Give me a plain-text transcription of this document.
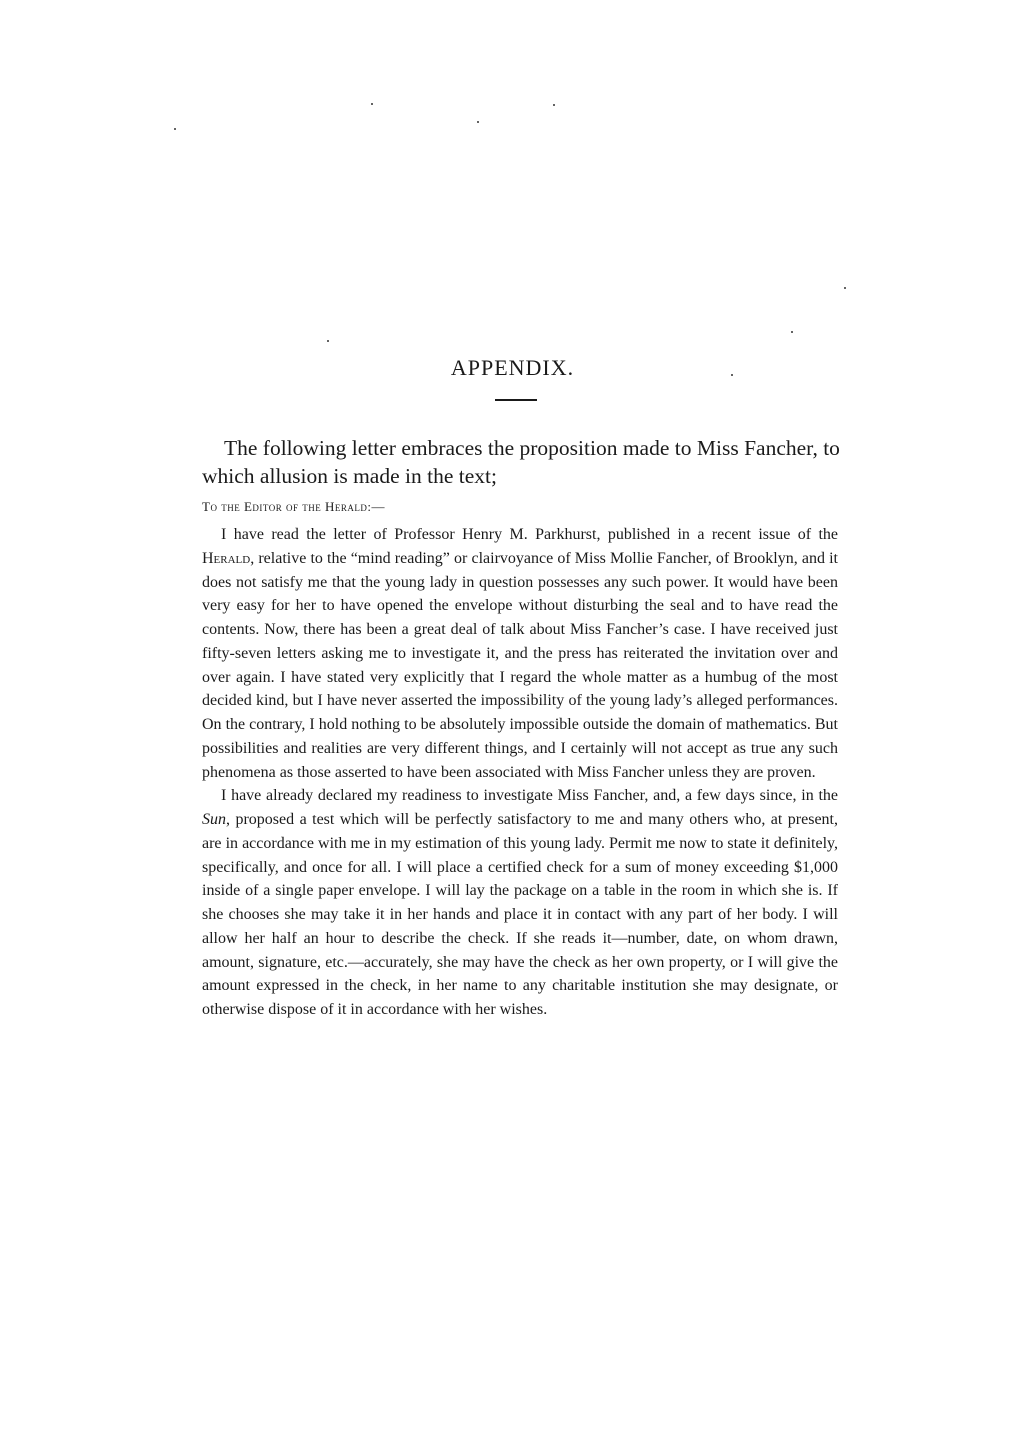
APPENDIX.

The following letter embraces the proposition made to Miss Fancher, to which allusion is made in the text;

To the Editor of the Herald:—

I have read the letter of Professor Henry M. Parkhurst, published in a recent issue of the Herald, relative to the “mind reading” or clairvoyance of Miss Mollie Fancher, of Brooklyn, and it does not satisfy me that the young lady in question possesses any such power. It would have been very easy for her to have opened the envelope without disturbing the seal and to have read the contents. Now, there has been a great deal of talk about Miss Fancher’s case. I have received just fifty-seven letters asking me to investigate it, and the press has reiterated the invitation over and over again. I have stated very explicitly that I regard the whole matter as a humbug of the most decided kind, but I have never asserted the impossibility of the young lady’s alleged performances. On the contrary, I hold nothing to be absolutely impossible outside the domain of mathematics. But possibilities and realities are very different things, and I certainly will not accept as true any such phenomena as those asserted to have been associated with Miss Fancher unless they are proven.

I have already declared my readiness to investigate Miss Fancher, and, a few days since, in the Sun, proposed a test which will be perfectly satisfactory to me and many others who, at present, are in accordance with me in my estimation of this young lady. Permit me now to state it definitely, specifically, and once for all. I will place a certified check for a sum of money exceeding $1,000 inside of a single paper envelope. I will lay the package on a table in the room in which she is. If she chooses she may take it in her hands and place it in contact with any part of her body. I will allow her half an hour to describe the check. If she reads it—number, date, on whom drawn, amount, signature, etc.—accurately, she may have the check as her own property, or I will give the amount expressed in the check, in her name to any charitable institution she may designate, or otherwise dispose of it in accordance with her wishes.
